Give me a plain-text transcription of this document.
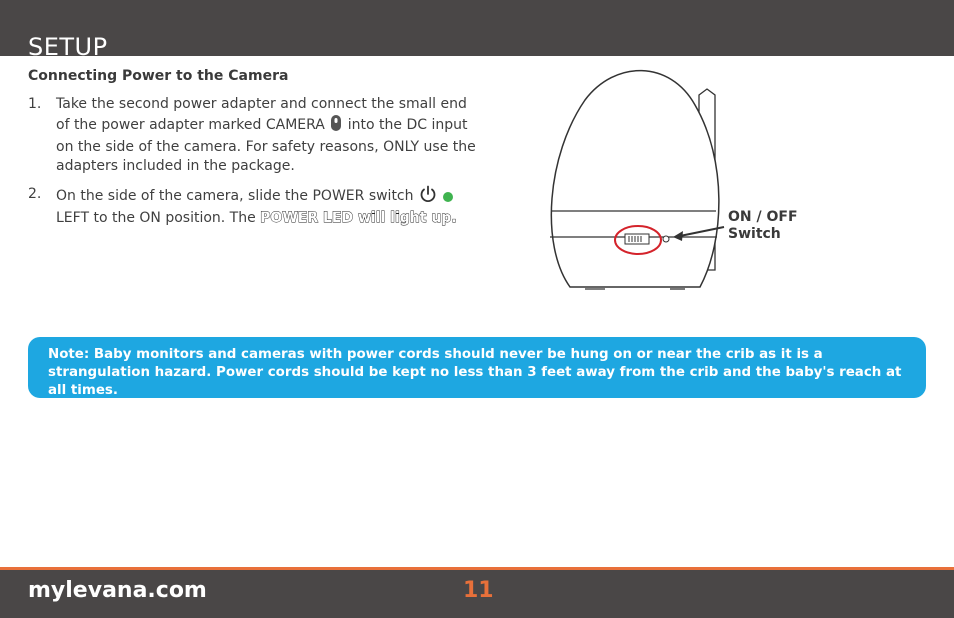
SETUP
Connecting Power to the Camera
1. Take the second power adapter and connect the small end of the power adapter marked CAMERA  into the DC input on the side of the camera. For safety reasons, ONLY use the adapters included in the package.
2. On the side of the camera, slide the POWER switch
LEFT to the ON position. The POWER LED will light up.	ON / OFF
Switch
Note: Baby monitors and cameras with power cords should never be hung on or near the crib as it is a strangulation hazard. Power cords should be kept no less than 3 feet away from the crib and the baby's reach at all times.
mylevana.com	11
